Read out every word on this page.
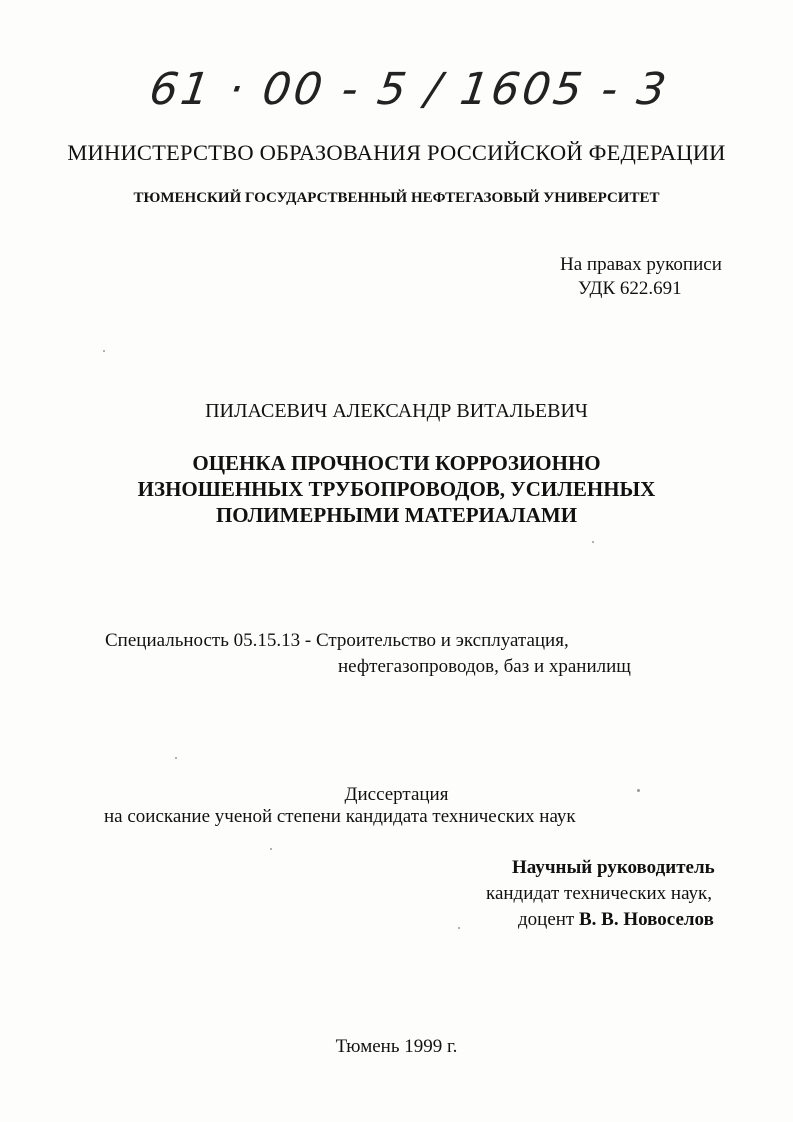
61 · 00 - 5 / 1605 - 3
МИНИСТЕРСТВО ОБРАЗОВАНИЯ РОССИЙСКОЙ ФЕДЕРАЦИИ
ТЮМЕНСКИЙ ГОСУДАРСТВЕННЫЙ НЕФТЕГАЗОВЫЙ УНИВЕРСИТЕТ
На правах рукописи
УДК 622.691
ПИЛАСЕВИЧ АЛЕКСАНДР ВИТАЛЬЕВИЧ
ОЦЕНКА ПРОЧНОСТИ КОРРОЗИОННО
ИЗНОШЕННЫХ ТРУБОПРОВОДОВ, УСИЛЕННЫХ
ПОЛИМЕРНЫМИ МАТЕРИАЛАМИ
Специальность 05.15.13 - Строительство и эксплуатация,
нефтегазопроводов, баз и хранилищ
Диссертация
на соискание ученой степени кандидата технических наук
Научный руководитель
кандидат технических наук,
доцент В. В. Новоселов
Тюмень 1999 г.
